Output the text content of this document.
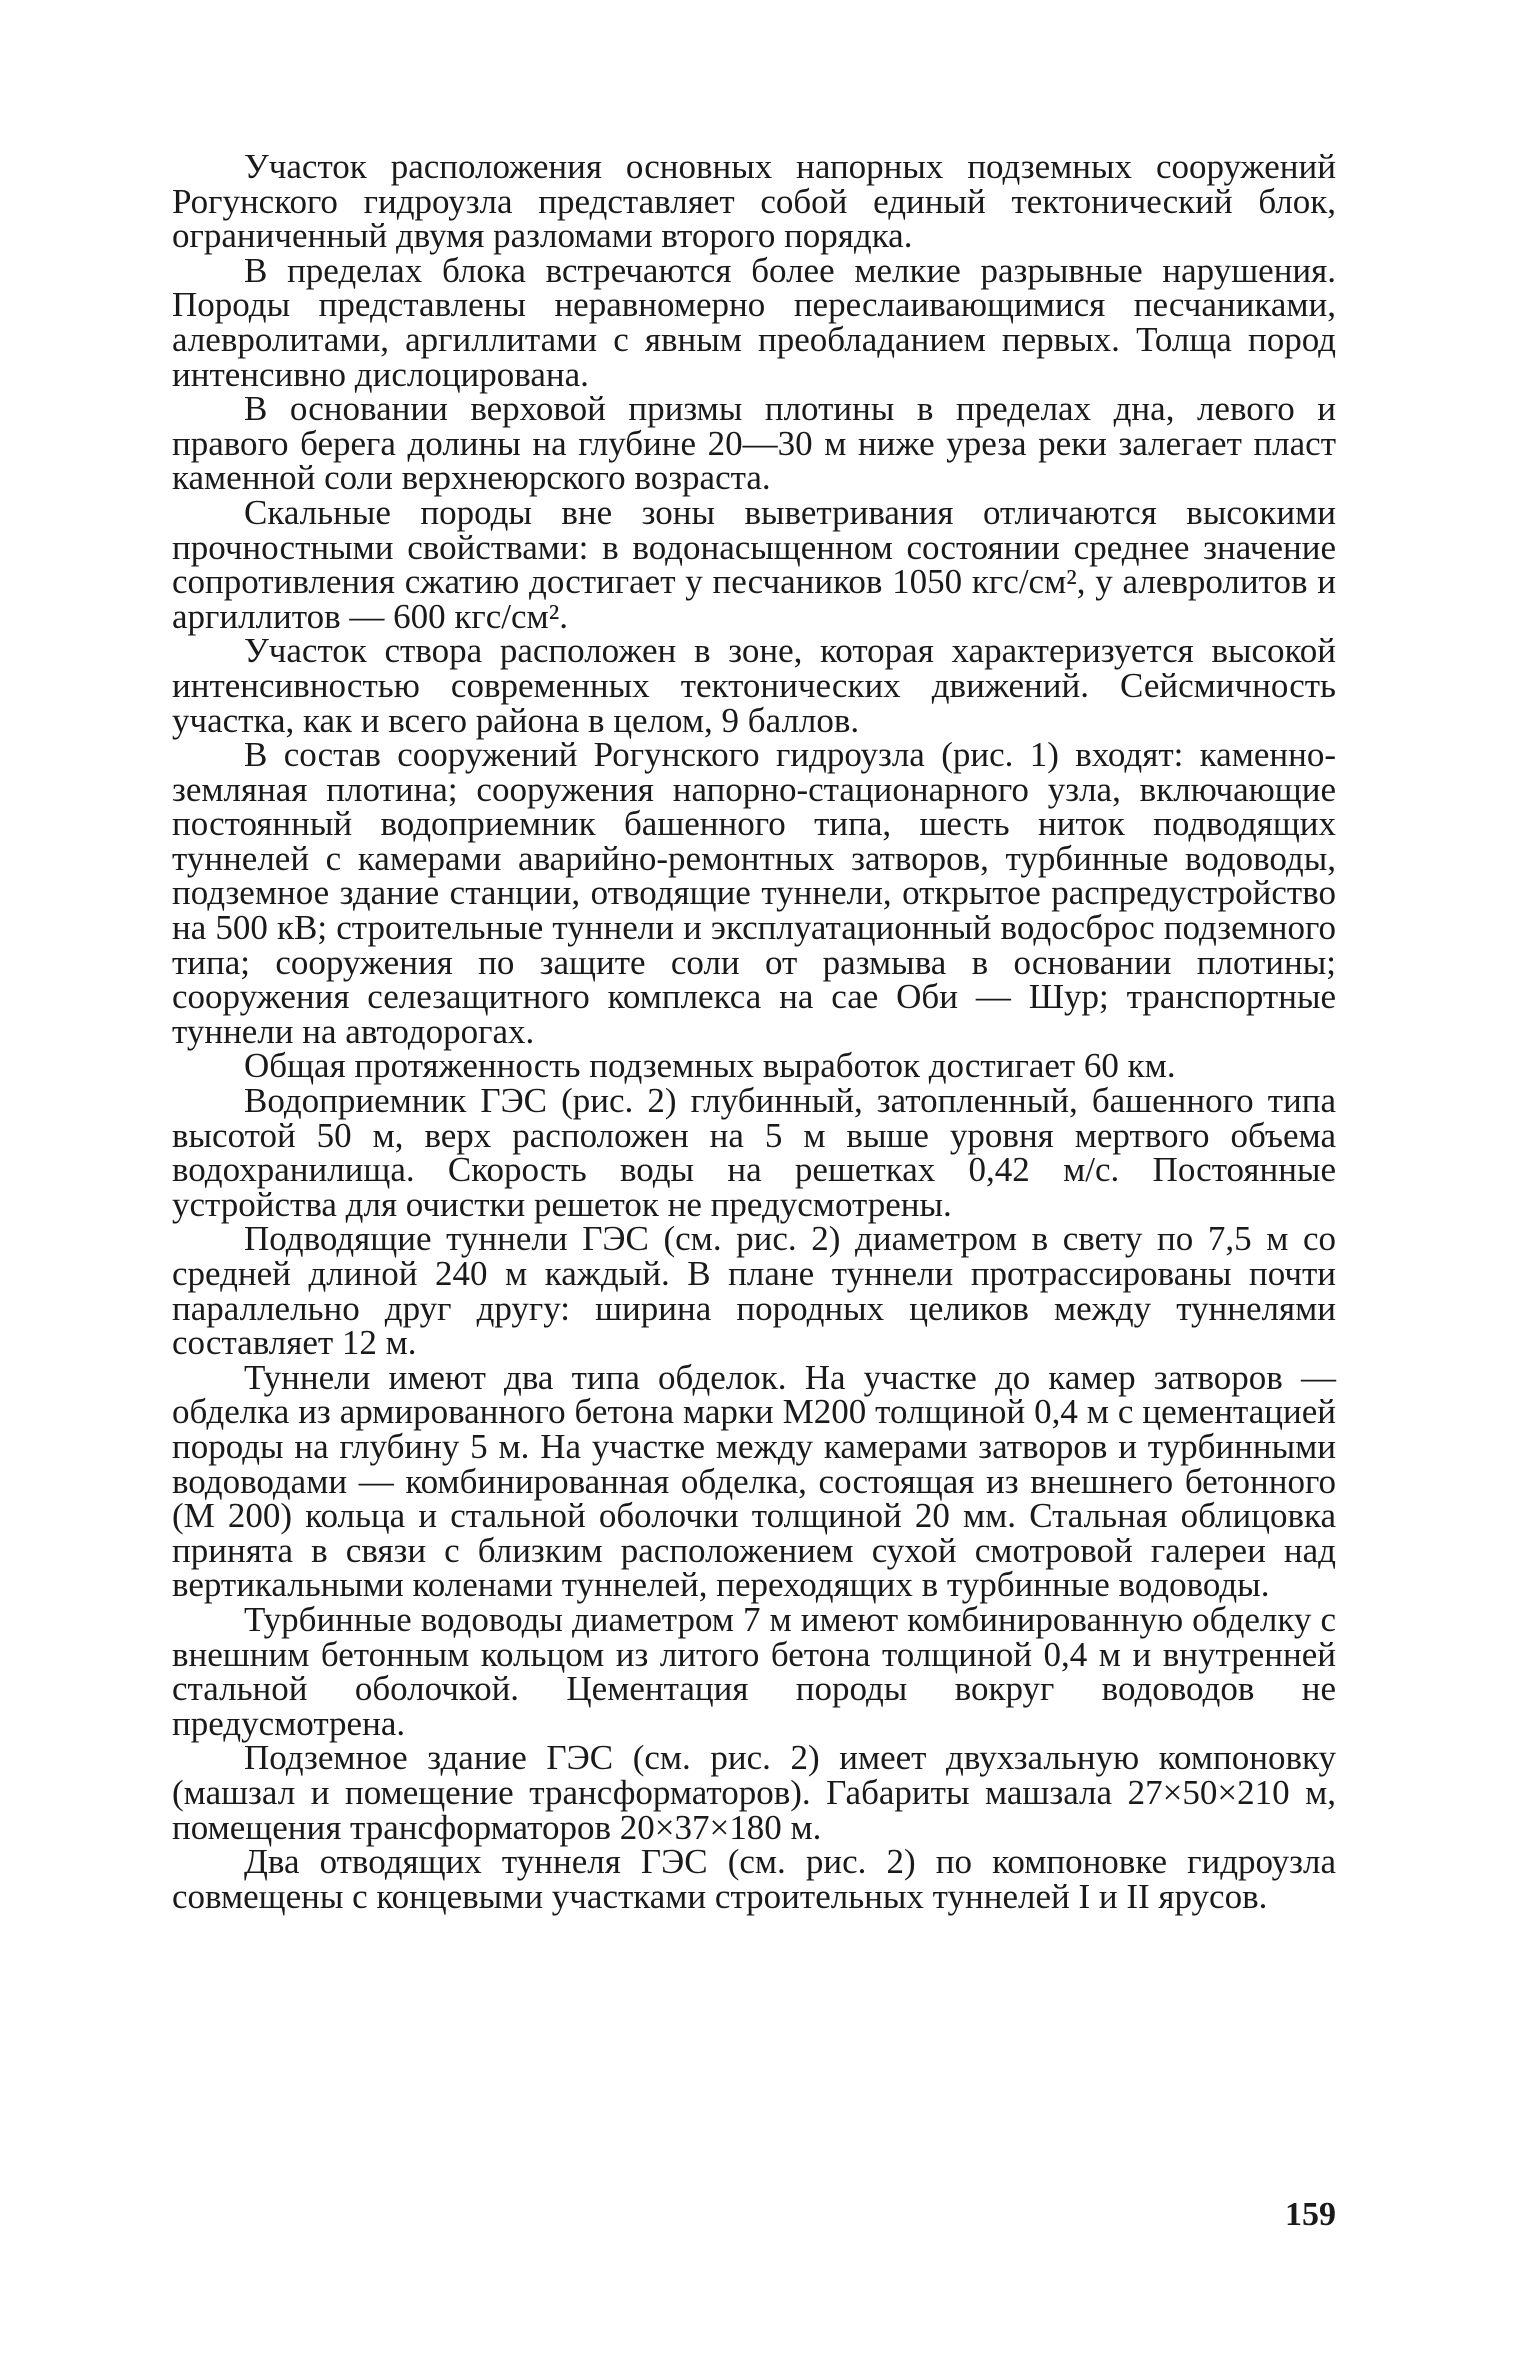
Участок расположения основных напорных подземных сооружений Рогунского гидроузла представляет собой единый тектонический блок, ограниченный двумя разломами второго порядка.

В пределах блока встречаются более мелкие разрывные нарушения. Породы представлены неравномерно переслаивающимися песчаниками, алевролитами, аргиллитами с явным преобладанием первых. Толща пород интенсивно дислоцирована.

В основании верховой призмы плотины в пределах дна, левого и правого берега долины на глубине 20—30 м ниже уреза реки залегает пласт каменной соли верхнеюрского возраста.

Скальные породы вне зоны выветривания отличаются высокими прочностными свойствами: в водонасыщенном состоянии среднее значение сопротивления сжатию достигает у песчаников 1050 кгс/см², у алевролитов и аргиллитов — 600 кгс/см².

Участок створа расположен в зоне, которая характеризуется высокой интенсивностью современных тектонических движений. Сейсмичность участка, как и всего района в целом, 9 баллов.

В состав сооружений Рогунского гидроузла (рис. 1) входят: каменно-земляная плотина; сооружения напорно-стационарного узла, включающие постоянный водоприемник башенного типа, шесть ниток подводящих туннелей с камерами аварийно-ремонтных затворов, турбинные водоводы, подземное здание станции, отводящие туннели, открытое распредустройство на 500 кВ; строительные туннели и эксплуатационный водосброс подземного типа; сооружения по защите соли от размыва в основании плотины; сооружения селезащитного комплекса на сае Оби — Шур; транспортные туннели на автодорогах.

Общая протяженность подземных выработок достигает 60 км.

Водоприемник ГЭС (рис. 2) глубинный, затопленный, башенного типа высотой 50 м, верх расположен на 5 м выше уровня мертвого объема водохранилища. Скорость воды на решетках 0,42 м/с. Постоянные устройства для очистки решеток не предусмотрены.

Подводящие туннели ГЭС (см. рис. 2) диаметром в свету по 7,5 м со средней длиной 240 м каждый. В плане туннели протрассированы почти параллельно друг другу: ширина породных целиков между туннелями составляет 12 м.

Туннели имеют два типа обделок. На участке до камер затворов — обделка из армированного бетона марки М200 толщиной 0,4 м с цементацией породы на глубину 5 м. На участке между камерами затворов и турбинными водоводами — комбинированная обделка, состоящая из внешнего бетонного (М 200) кольца и стальной оболочки толщиной 20 мм. Стальная облицовка принята в связи с близким расположением сухой смотровой галереи над вертикальными коленами туннелей, переходящих в турбинные водоводы.

Турбинные водоводы диаметром 7 м имеют комбинированную обделку с внешним бетонным кольцом из литого бетона толщиной 0,4 м и внутренней стальной оболочкой. Цементация породы вокруг водоводов не предусмотрена.

Подземное здание ГЭС (см. рис. 2) имеет двухзальную компоновку (машзал и помещение трансформаторов). Габариты машзала 27×50×210 м, помещения трансформаторов 20×37×180 м.

Два отводящих туннеля ГЭС (см. рис. 2) по компоновке гидроузла совмещены с концевыми участками строительных туннелей I и II ярусов.

159
